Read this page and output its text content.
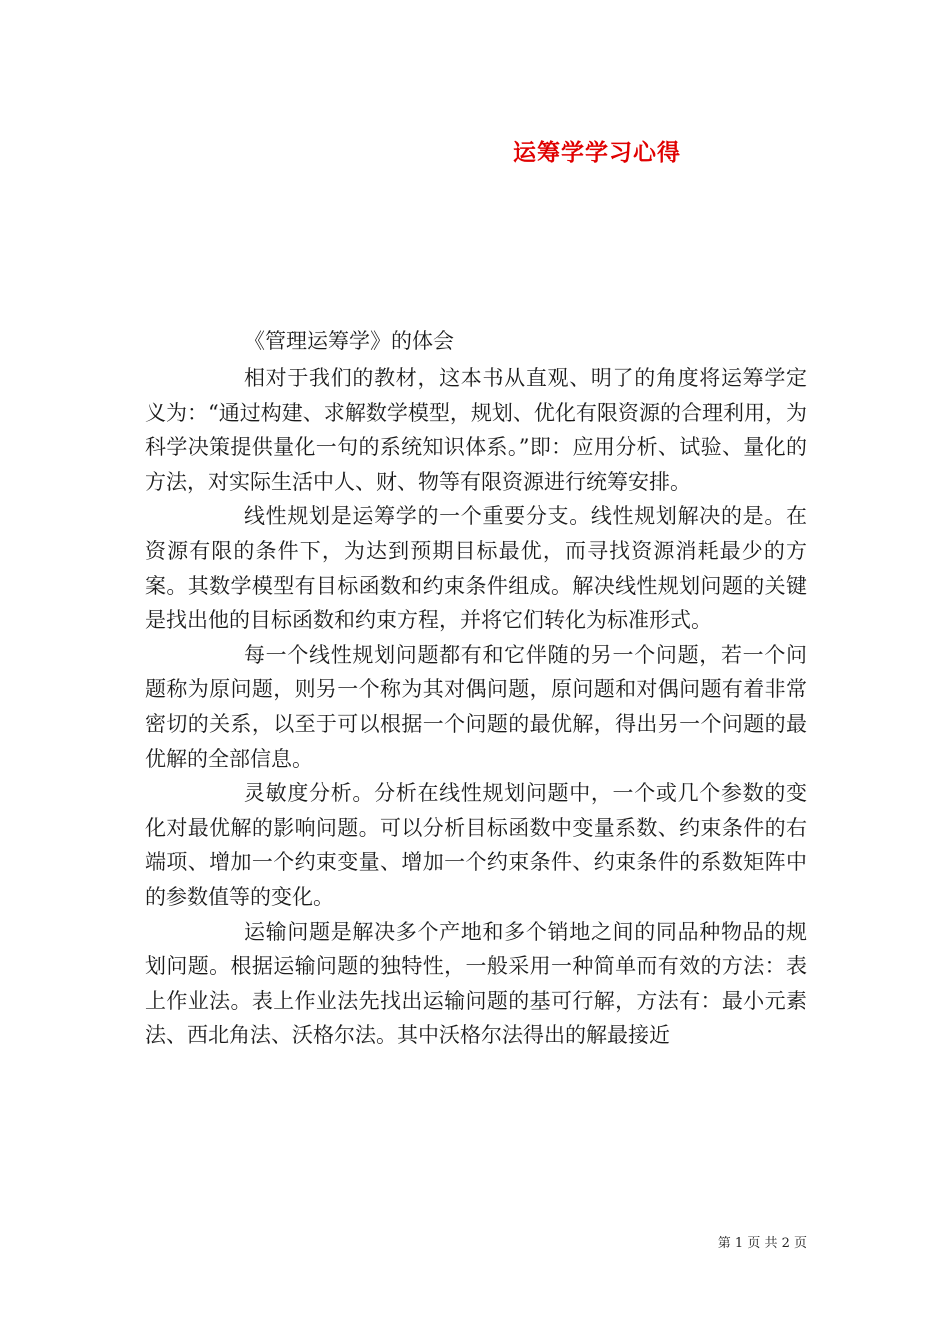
运筹学学习心得
《管理运筹学》的体会

相对于我们的教材，这本书从直观、明了的角度将运筹学定义为：“通过构建、求解数学模型，规划、优化有限资源的合理利用，为科学决策提供量化一句的系统知识体系。”即：应用分析、试验、量化的方法，对实际生活中人、财、物等有限资源进行统筹安排。

线性规划是运筹学的一个重要分支。线性规划解决的是。在资源有限的条件下，为达到预期目标最优，而寻找资源消耗最少的方案。其数学模型有目标函数和约束条件组成。解决线性规划问题的关键是找出他的目标函数和约束方程，并将它们转化为标准形式。

每一个线性规划问题都有和它伴随的另一个问题，若一个问题称为原问题，则另一个称为其对偶问题，原问题和对偶问题有着非常密切的关系，以至于可以根据一个问题的最优解，得出另一个问题的最优解的全部信息。

灵敏度分析。分析在线性规划问题中，一个或几个参数的变化对最优解的影响问题。可以分析目标函数中变量系数、约束条件的右端项、增加一个约束变量、增加一个约束条件、约束条件的系数矩阵中的参数值等的变化。

运输问题是解决多个产地和多个销地之间的同品种物品的规划问题。根据运输问题的独特性，一般采用一种简单而有效的方法：表上作业法。表上作业法先找出运输问题的基可行解，方法有：最小元素法、西北角法、沃格尔法。其中沃格尔法得出的解最接近

第 1 页 共 2 页
